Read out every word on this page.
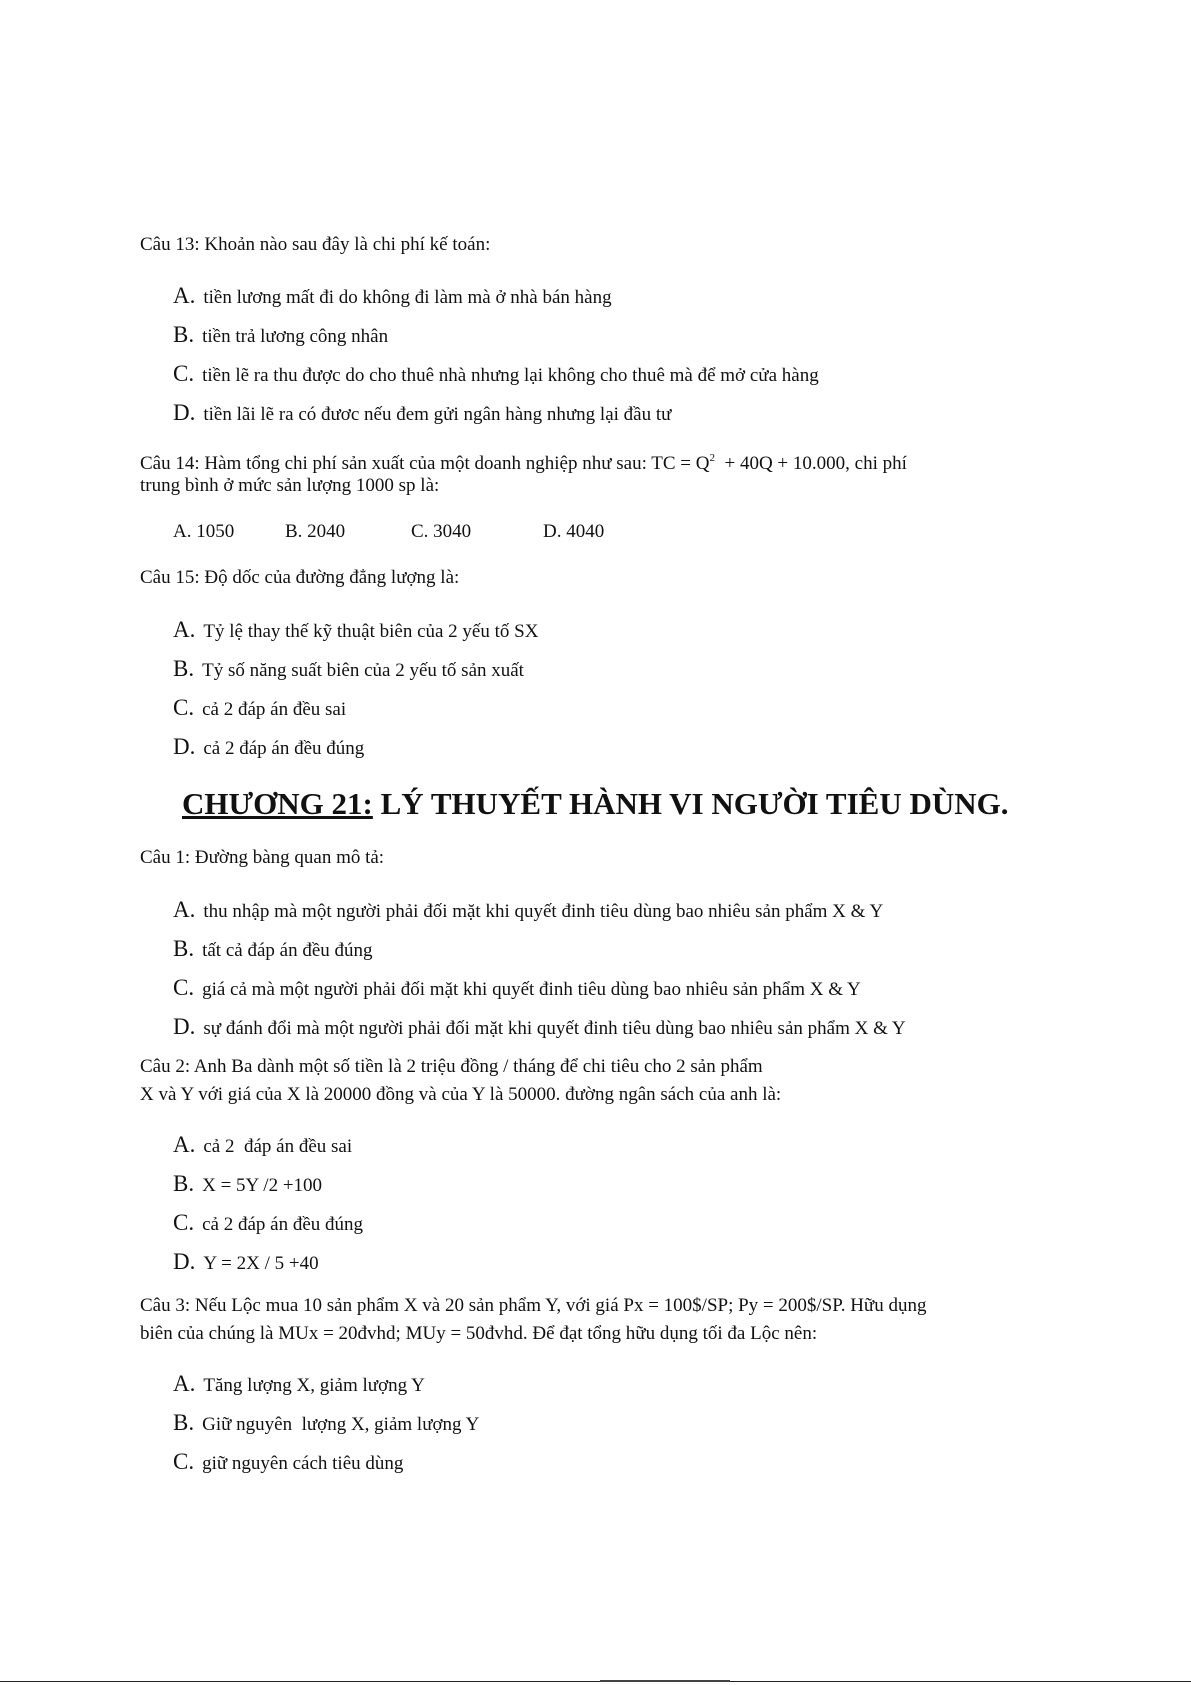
Câu 13: Khoản nào sau đây là chi phí kế toán:
A. tiền lương mất đi do không đi làm mà ở nhà bán hàng
B. tiền trả lương công nhân
C. tiền lẽ ra thu được do cho thuê nhà nhưng lại không cho thuê mà để mở cửa hàng
D. tiền lãi lẽ ra có đươc nếu đem gửi ngân hàng nhưng lại đầu tư
Câu 14: Hàm tổng chi phí sản xuất của một doanh nghiệp như sau: TC = $Q^2 + 40Q + 10.000$, chi phí
trung bình ở mức sản lượng 1000 sp là:
A. 1050	B. 2040	C. 3040	D. 4040
Câu 15: Độ dốc của đường đẳng lượng là:
A. Tỷ lệ thay thế kỹ thuật biên của 2 yếu tố SX
B. Tỷ số năng suất biên của 2 yếu tố sản xuất
C. cả 2 đáp án đều sai
D. cả 2 đáp án đều đúng
CHƯƠNG 21: LÝ THUYẾT HÀNH VI NGƯỜI TIÊU DÙNG.
Câu 1: Đường bàng quan mô tả:
A. thu nhập mà một người phải đối mặt khi quyết đinh tiêu dùng bao nhiêu sản phẩm X & Y
B. tất cả đáp án đều đúng
C. giá cả mà một người phải đối mặt khi quyết đinh tiêu dùng bao nhiêu sản phẩm X & Y
D. sự đánh đổi mà một người phải đối mặt khi quyết đinh tiêu dùng bao nhiêu sản phẩm X & Y
Câu 2: Anh Ba dành một số tiền là 2 triệu đồng / tháng để chi tiêu cho 2 sản phẩm
X và Y với giá của X là 20000 đồng và của Y là 50000. đường ngân sách của anh là:
A. cả 2  đáp án đều sai
B. X = 5Y /2 +100
C. cả 2 đáp án đều đúng
D. Y = 2X / 5 +40
Câu 3: Nếu Lộc mua 10 sản phẩm X và 20 sản phẩm Y, với giá Px = 100$/SP; Py = 200$/SP. Hữu dụng
biên của chúng là MUx = 20đvhd; MUy = 50đvhd. Để đạt tổng hữu dụng tối đa Lộc nên:
A. Tăng lượng X, giảm lượng Y
B. Giữ nguyên  lượng X, giảm lượng Y
C. giữ nguyên cách tiêu dùng
